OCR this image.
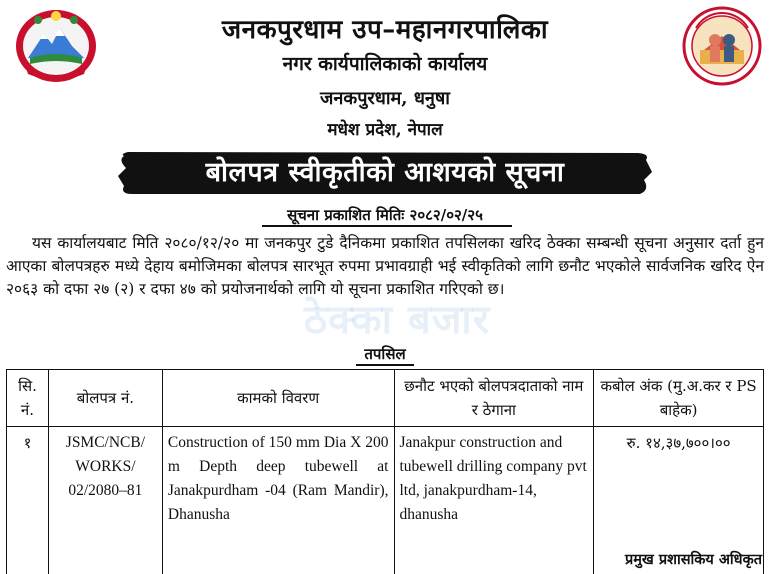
जनकपुरधाम उप–महानगरपालिका
नगर कार्यपालिकाको कार्यालय
जनकपुरधाम, धनुषा
मधेश प्रदेश, नेपाल
बोलपत्र स्वीकृतीको आशयको सूचना
सूचना प्रकाशित मितिः २०८२/०२/२५
ठेक्का बजार
यस कार्यालयबाट मिति २०८०/१२/२० मा जनकपुर टुडे दैनिकमा प्रकाशित तपसिलका खरिद ठेक्का सम्बन्धी सूचना अनुसार दर्ता हुन आएका बोलपत्रहरु मध्ये देहाय बमोजिमका बोलपत्र सारभूत रुपमा प्रभावग्राही भई स्वीकृतिको लागि छनौट भएकोले सार्वजनिक खरिद ऐन २०६३ को दफा २७ (२) र दफा ४७ को प्रयोजनार्थको लागि यो सूचना प्रकाशित गरिएको छ।
तपसिल
सि. नं.	बोलपत्र नं.	कामको विवरण	छनौट भएको बोलपत्रदाताको नाम र ठेगाना	कबोल अंक (मु.अ.कर र PS बाहेक)
१	JSMC/NCB/ WORKS/ 02/2080–81	Construction of 150 mm Dia X 200 m Depth deep tubewell at Janakpurdham -04 (Ram Mandir), Dhanusha	Janakpur construction and tubewell drilling company pvt ltd, janakpurdham-14, dhanusha	रु. १४,३७,७००।००
प्रमुख प्रशासकिय अधिकृत
